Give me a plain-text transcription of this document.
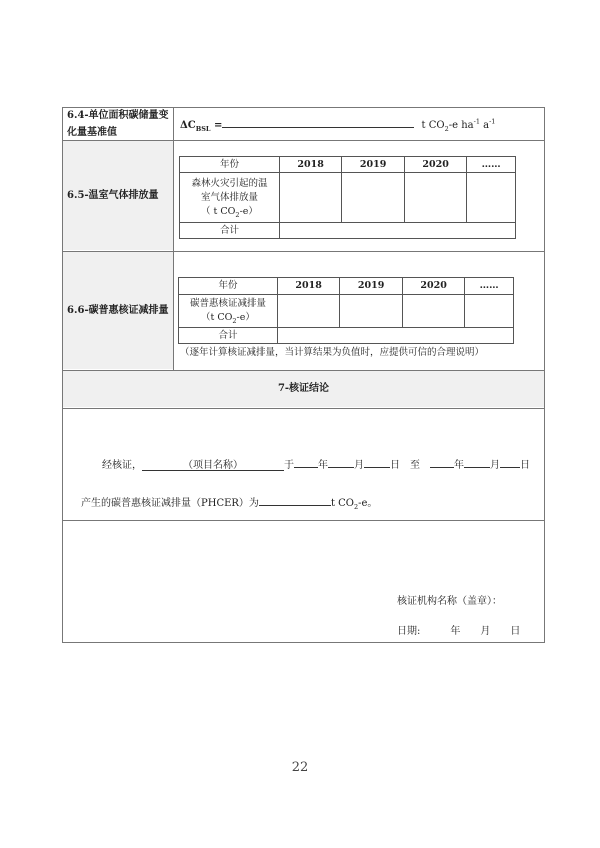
6.4-单位面积碳储量变化量基准值
$\Delta C_{BSL}$ =	t $CO_2-e$ $ha^{-1}$ $a^{-1}$
6.5-温室气体排放量
年份	2018	2019	2020	……

森林火灾引起的温
室气体排放量
（ t $CO_2-e$）				

合计				
6.6-碳普惠核证减排量
年份	2018	2019	2020	……

碳普惠核证减排量
（t $CO_2-e$）				

合计				
（逐年计算核证减排量，当计算结果为负值时，应提供可信的合理说明）
7-核证结论
经核证，	（项目名称）	于 年	月	日 至	年	月 日
产生的碳普惠核证减排量（PHCER）为	t $CO_2-e$。
核证机构名称（盖章）：
日期:	年 月 日
22
